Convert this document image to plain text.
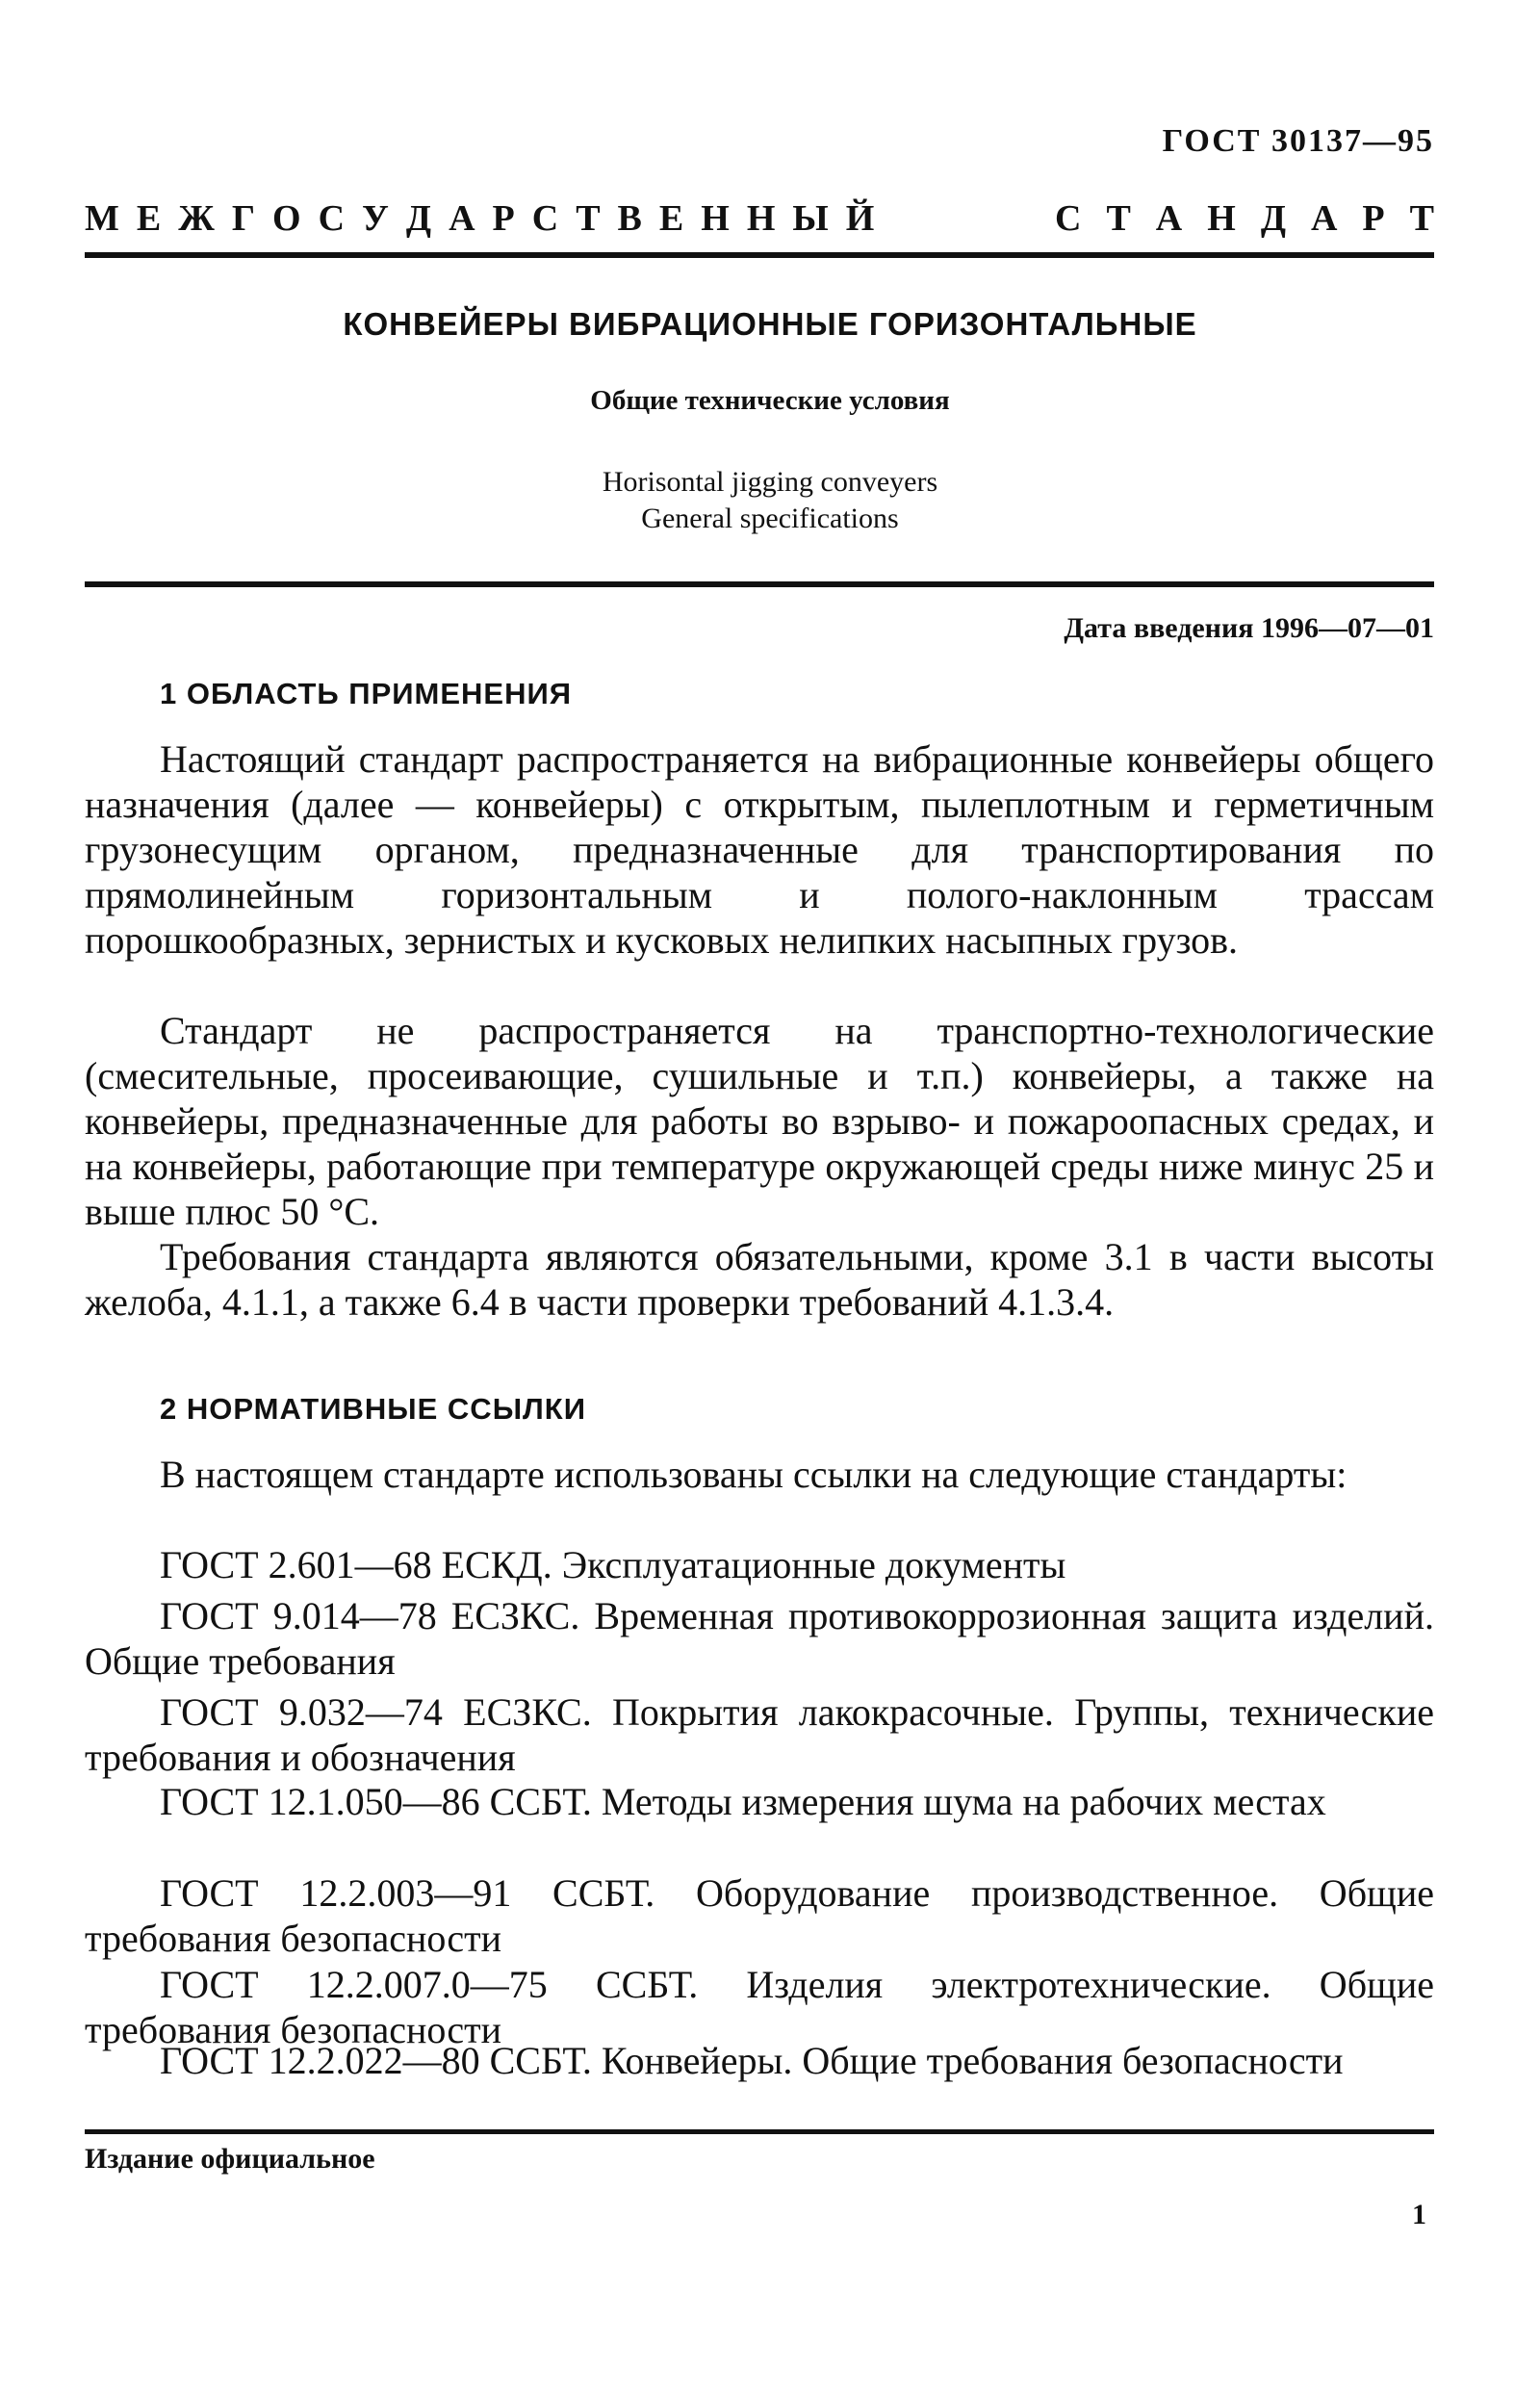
ГОСТ 30137—95
М Е Ж Г О С У Д А Р С Т В Е Н Н Ы Й	С Т А Н Д А Р Т
КОНВЕЙЕРЫ ВИБРАЦИОННЫЕ ГОРИЗОНТАЛЬНЫЕ
Общие технические условия
Horisontal jigging conveyers
General specifications
Дата введения 1996—07—01
1 ОБЛАСТЬ ПРИМЕНЕНИЯ
Настоящий стандарт распространяется на вибрационные конвейеры общего назначения (далее — конвейеры) с открытым, пылеплотным и герметичным грузонесущим органом, предназначенные для транспортирования по прямолинейным горизонтальным и полого-наклонным трассам порошкообразных, зернистых и кусковых нелипких насыпных грузов.
Стандарт не распространяется на транспортно-технологические (смесительные, просеивающие, сушильные и т.п.) конвейеры, а также на конвейеры, предназначенные для работы во взрыво- и пожароопасных средах, и на конвейеры, работающие при температуре окружающей среды ниже минус 25 и выше плюс 50 °С.
Требования стандарта являются обязательными, кроме 3.1 в части высоты желоба, 4.1.1, а также 6.4 в части проверки требований 4.1.3.4.
2 НОРМАТИВНЫЕ ССЫЛКИ
В настоящем стандарте использованы ссылки на следующие стандарты:
ГОСТ 2.601—68 ЕСКД. Эксплуатационные документы
ГОСТ 9.014—78 ЕСЗКС. Временная противокоррозионная защита изделий. Общие требования
ГОСТ 9.032—74 ЕСЗКС. Покрытия лакокрасочные. Группы, технические требования и обозначения
ГОСТ 12.1.050—86 ССБТ. Методы измерения шума на рабочих местах
ГОСТ 12.2.003—91 ССБТ. Оборудование производственное. Общие требования безопасности
ГОСТ 12.2.007.0—75 ССБТ. Изделия электротехнические. Общие требования безопасности
ГОСТ 12.2.022—80 ССБТ. Конвейеры. Общие требования безопасности
Издание официальное
1
